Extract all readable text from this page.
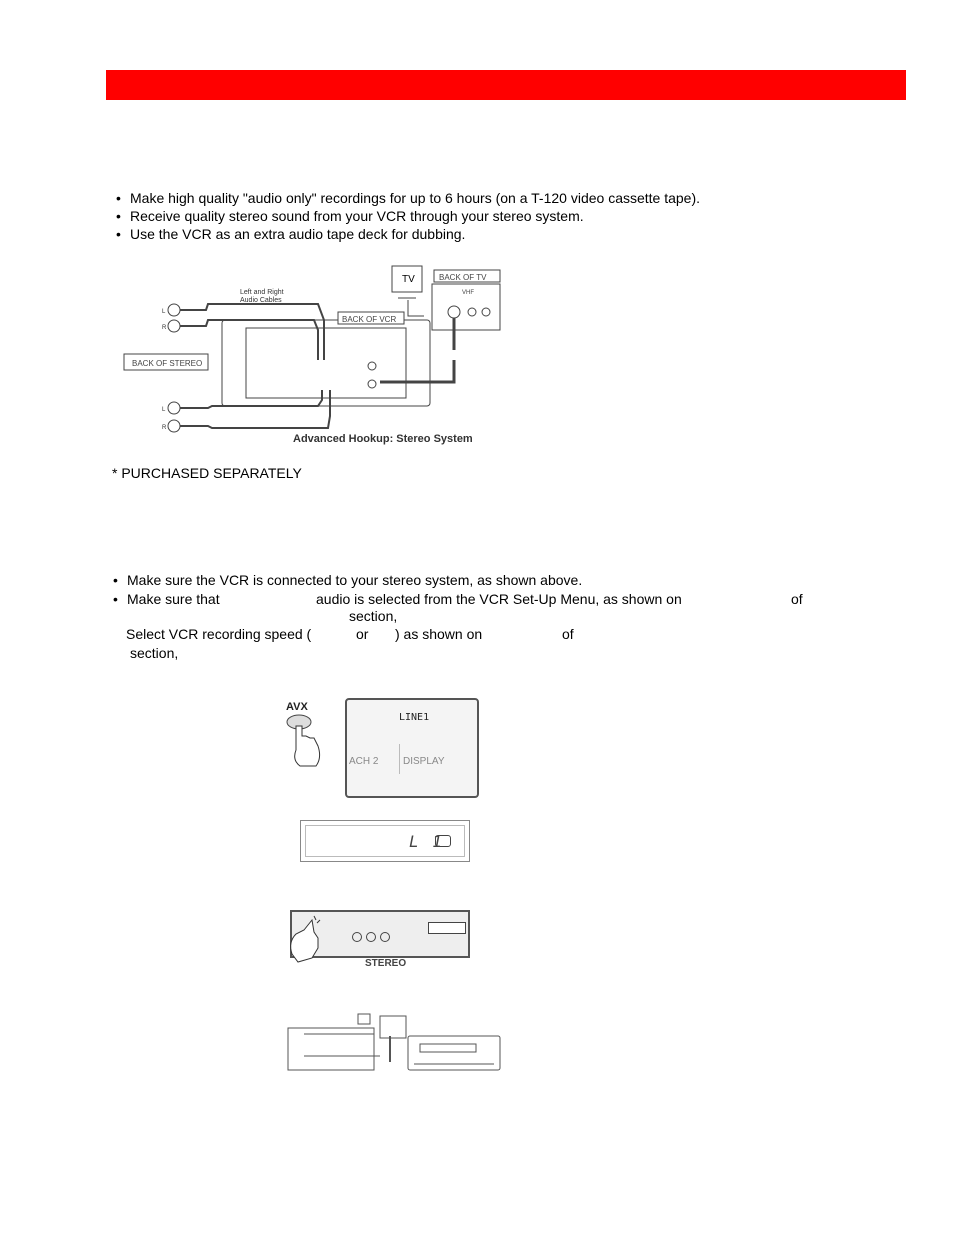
• Make high quality "audio only" recordings for up to 6 hours (on a T-120 video cassette tape).
• Receive quality stereo sound from your VCR through your stereo system.
• Use the VCR as an extra audio tape deck for dubbing.
TV	BACK OF TV
VHF
Left and Right
Audio Cables
BACK OF VCR
BACK OF STEREO
L
R
L
R
Advanced Hookup: Stereo System
* PURCHASED SEPARATELY
• Make sure the VCR is connected to your stereo system, as shown above.
• Make sure that	audio is selected from the VCR Set-Up Menu, as shown on	of
section,
Select VCR recording speed (	or ) as shown on	of
section,
AVX
LINE1
ACH 2 DISPLAY
L 1
STEREO
